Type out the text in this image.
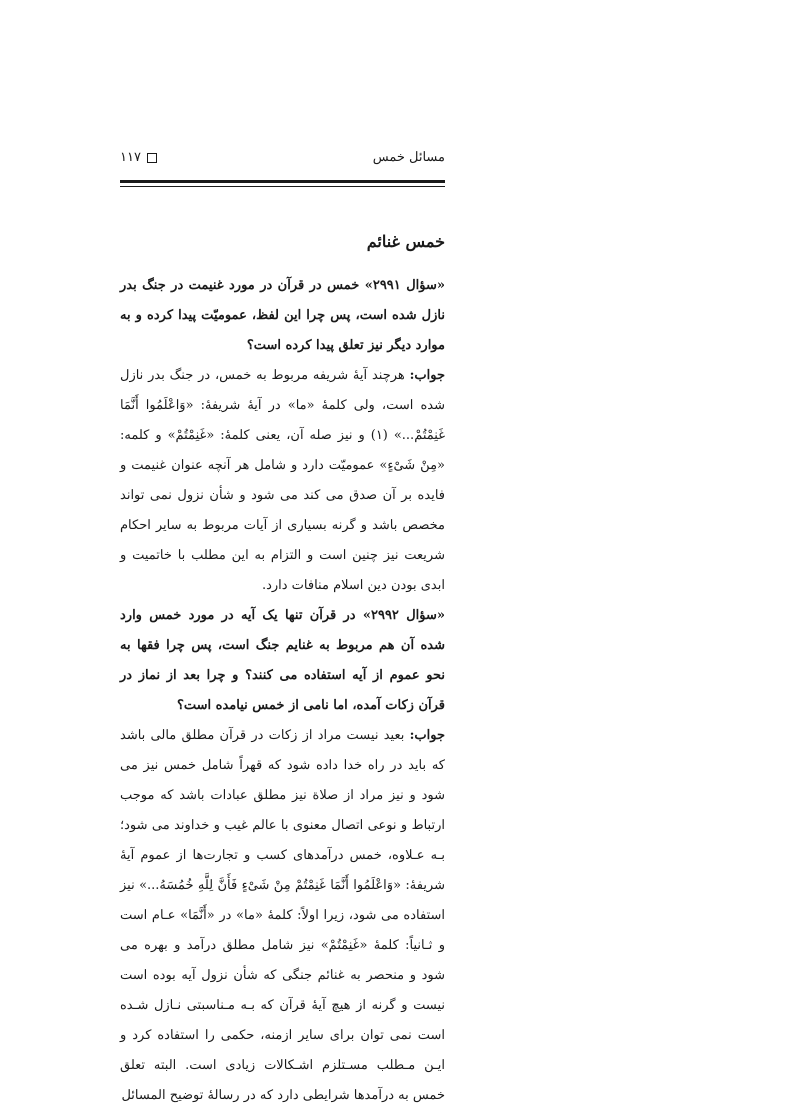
مسائل خمس
۱۱۷

خمس غنائم

«سؤال ۲۹۹۱» خمس در قرآن در مورد غنیمت در جنگ بدر نازل شده است، پس چرا این لفظ، عمومیّت پیدا کرده و به موارد دیگر نیز تعلق پیدا کرده است؟

جواب: هرچند آیهٔ شریفه مربوط به خمس، در جنگ بدر نازل شده است، ولی کلمهٔ «ما» در آیهٔ شریفهٔ: «وَاعْلَمُوا أَنَّمَا غَنِمْتُمْ...» (۱) و نیز صله آن، یعنی کلمهٔ: «غَنِمْتُمْ» و کلمه: «مِنْ شَیْءٍ» عمومیّت دارد و شامل هر آنچه عنوان غنیمت و فایده بر آن صدق می کند می شود و شأن نزول نمی تواند مخصص باشد و گرنه بسیاری از آیات مربوط به سایر احکام شریعت نیز چنین است و التزام به این مطلب با خاتمیت و ابدی بودن دین اسلام منافات دارد.

«سؤال ۲۹۹۲» در قرآن تنها یک آیه در مورد خمس وارد شده آن هم مربوط به غنایم جنگ است، پس چرا فقها به نحو عموم از آیه استفاده می کنند؟ و چرا بعد از نماز در قرآن زکات آمده، اما نامی از خمس نیامده است؟

جواب: بعید نیست مراد از زکات در قرآن مطلق مالی باشد که باید در راه خدا داده شود که قهراً شامل خمس نیز می شود و نیز مراد از صلاة نیز مطلق عبادات باشد که موجب ارتباط و نوعی اتصال معنوی با عالم غیب و خداوند می شود؛ بـه عـلاوه، خمس درآمدهای کسب و تجارت‌ها از عموم آیهٔ شریفهٔ: «وَاعْلَمُوا أَنَّمَا غَنِمْتُمْ مِنْ شَیْءٍ فَأَنَّ لِلَّهِ خُمُسَهُ...» نیز استفاده می شود، زیرا اولاً: کلمهٔ «ما» در «أَنَّمَا» عـام است و ثـانیاً: کلمهٔ «غَنِمْتُمْ» نیز شامل مطلق درآمد و بهره می شود و منحصر به غنائم جنگی که شأن نزول آیه بوده است نیست و گرنه از هیچ آیهٔ قرآن که بـه مـناسبتی نـازل شـده است نمی توان برای سایر ازمنه، حکمی را استفاده کرد و ایـن مـطلب مسـتلزم اشـکالات زیادی است. البته تعلق خمس به درآمدها شرایطی دارد که در رسالهٔ توضیح المسائل
